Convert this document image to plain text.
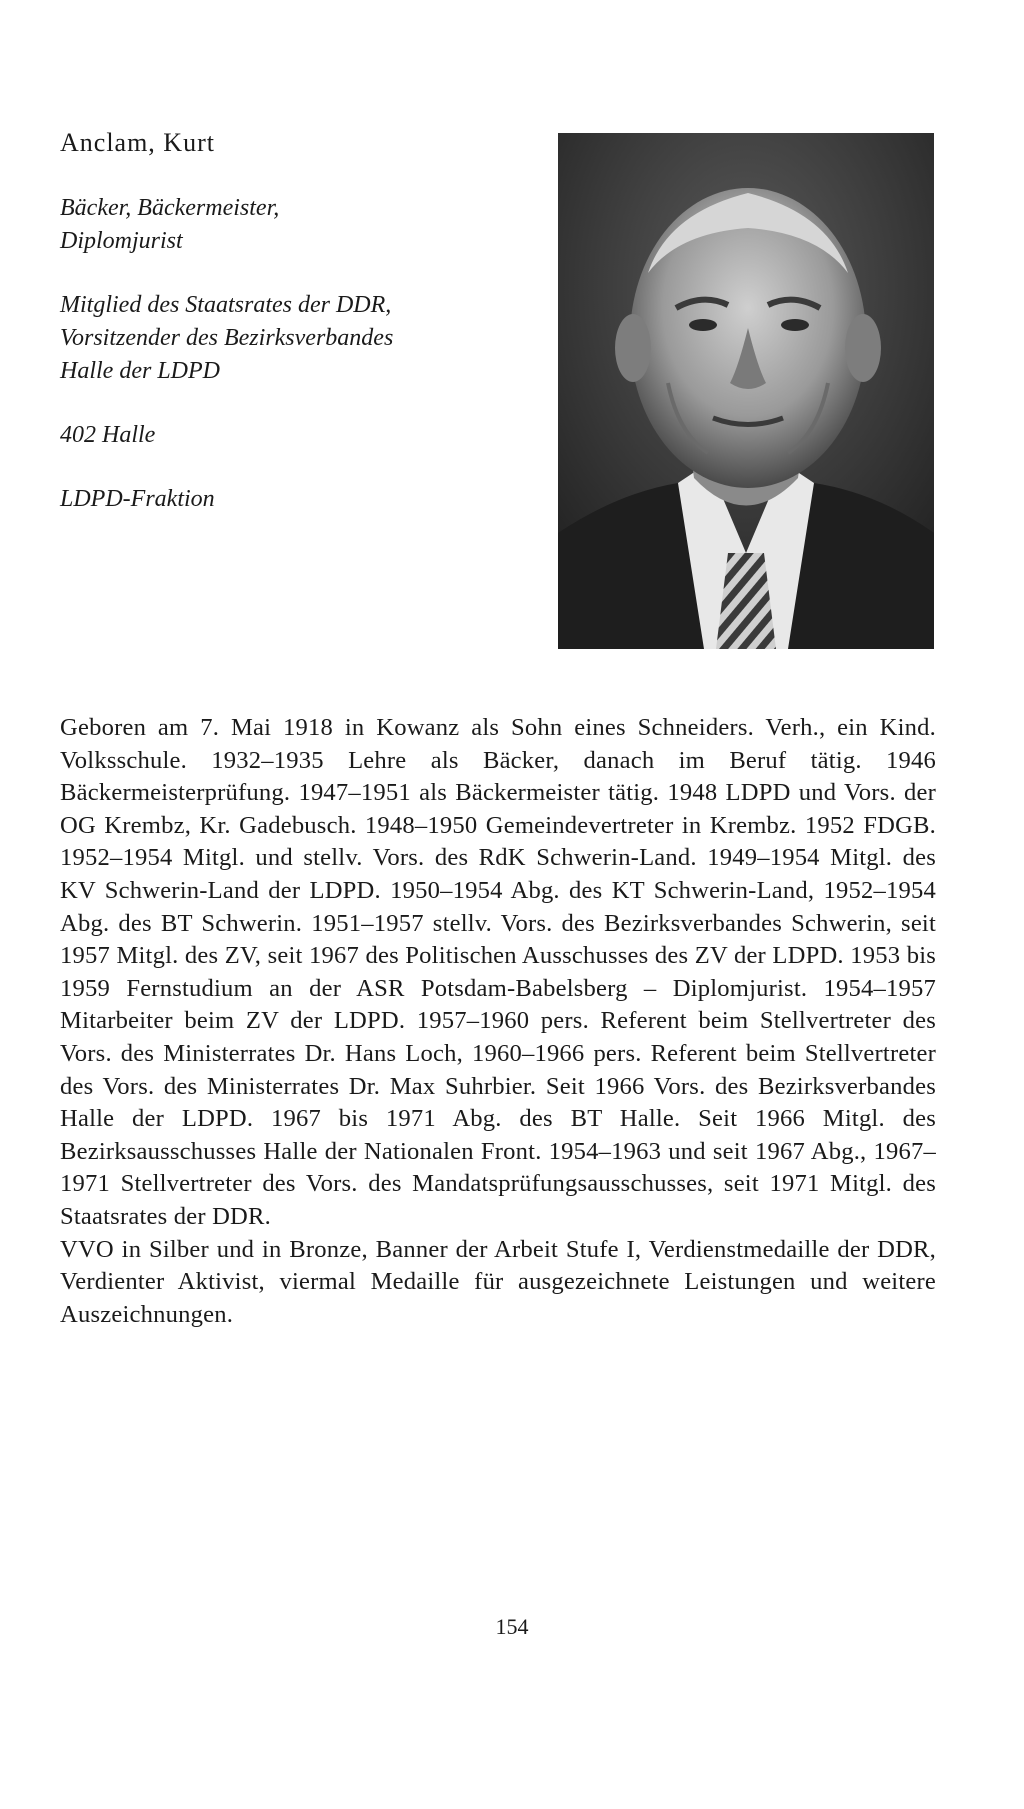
Anclam, Kurt

Bäcker, Bäckermeister,
Diplomjurist

Mitglied des Staatsrates der DDR,
Vorsitzender des Bezirksverbandes
Halle der LDPD

402 Halle

LDPD-Fraktion

Geboren am 7. Mai 1918 in Kowanz als Sohn eines Schneiders. Verh., ein Kind. Volksschule. 1932–1935 Lehre als Bäcker, danach im Beruf tätig. 1946 Bäckermeisterprüfung. 1947–1951 als Bäckermeister tätig. 1948 LDPD und Vors. der OG Krembz, Kr. Gadebusch. 1948–1950 Gemeindevertreter in Krembz. 1952 FDGB. 1952–1954 Mitgl. und stellv. Vors. des RdK Schwerin-Land. 1949–1954 Mitgl. des KV Schwerin-Land der LDPD. 1950–1954 Abg. des KT Schwerin-Land, 1952–1954 Abg. des BT Schwerin. 1951–1957 stellv. Vors. des Bezirksverbandes Schwerin, seit 1957 Mitgl. des ZV, seit 1967 des Politischen Ausschusses des ZV der LDPD. 1953 bis 1959 Fernstudium an der ASR Potsdam-Babelsberg – Diplomjurist. 1954–1957 Mitarbeiter beim ZV der LDPD. 1957–1960 pers. Referent beim Stellvertreter des Vors. des Ministerrates Dr. Hans Loch, 1960–1966 pers. Referent beim Stellvertreter des Vors. des Ministerrates Dr. Max Suhrbier. Seit 1966 Vors. des Bezirksverbandes Halle der LDPD. 1967 bis 1971 Abg. des BT Halle. Seit 1966 Mitgl. des Bezirksausschusses Halle der Nationalen Front. 1954–1963 und seit 1967 Abg., 1967–1971 Stellvertreter des Vors. des Mandatsprüfungsausschusses, seit 1971 Mitgl. des Staatsrates der DDR.

VVO in Silber und in Bronze, Banner der Arbeit Stufe I, Verdienstmedaille der DDR, Verdienter Aktivist, viermal Medaille für ausgezeichnete Leistungen und weitere Auszeichnungen.

154
